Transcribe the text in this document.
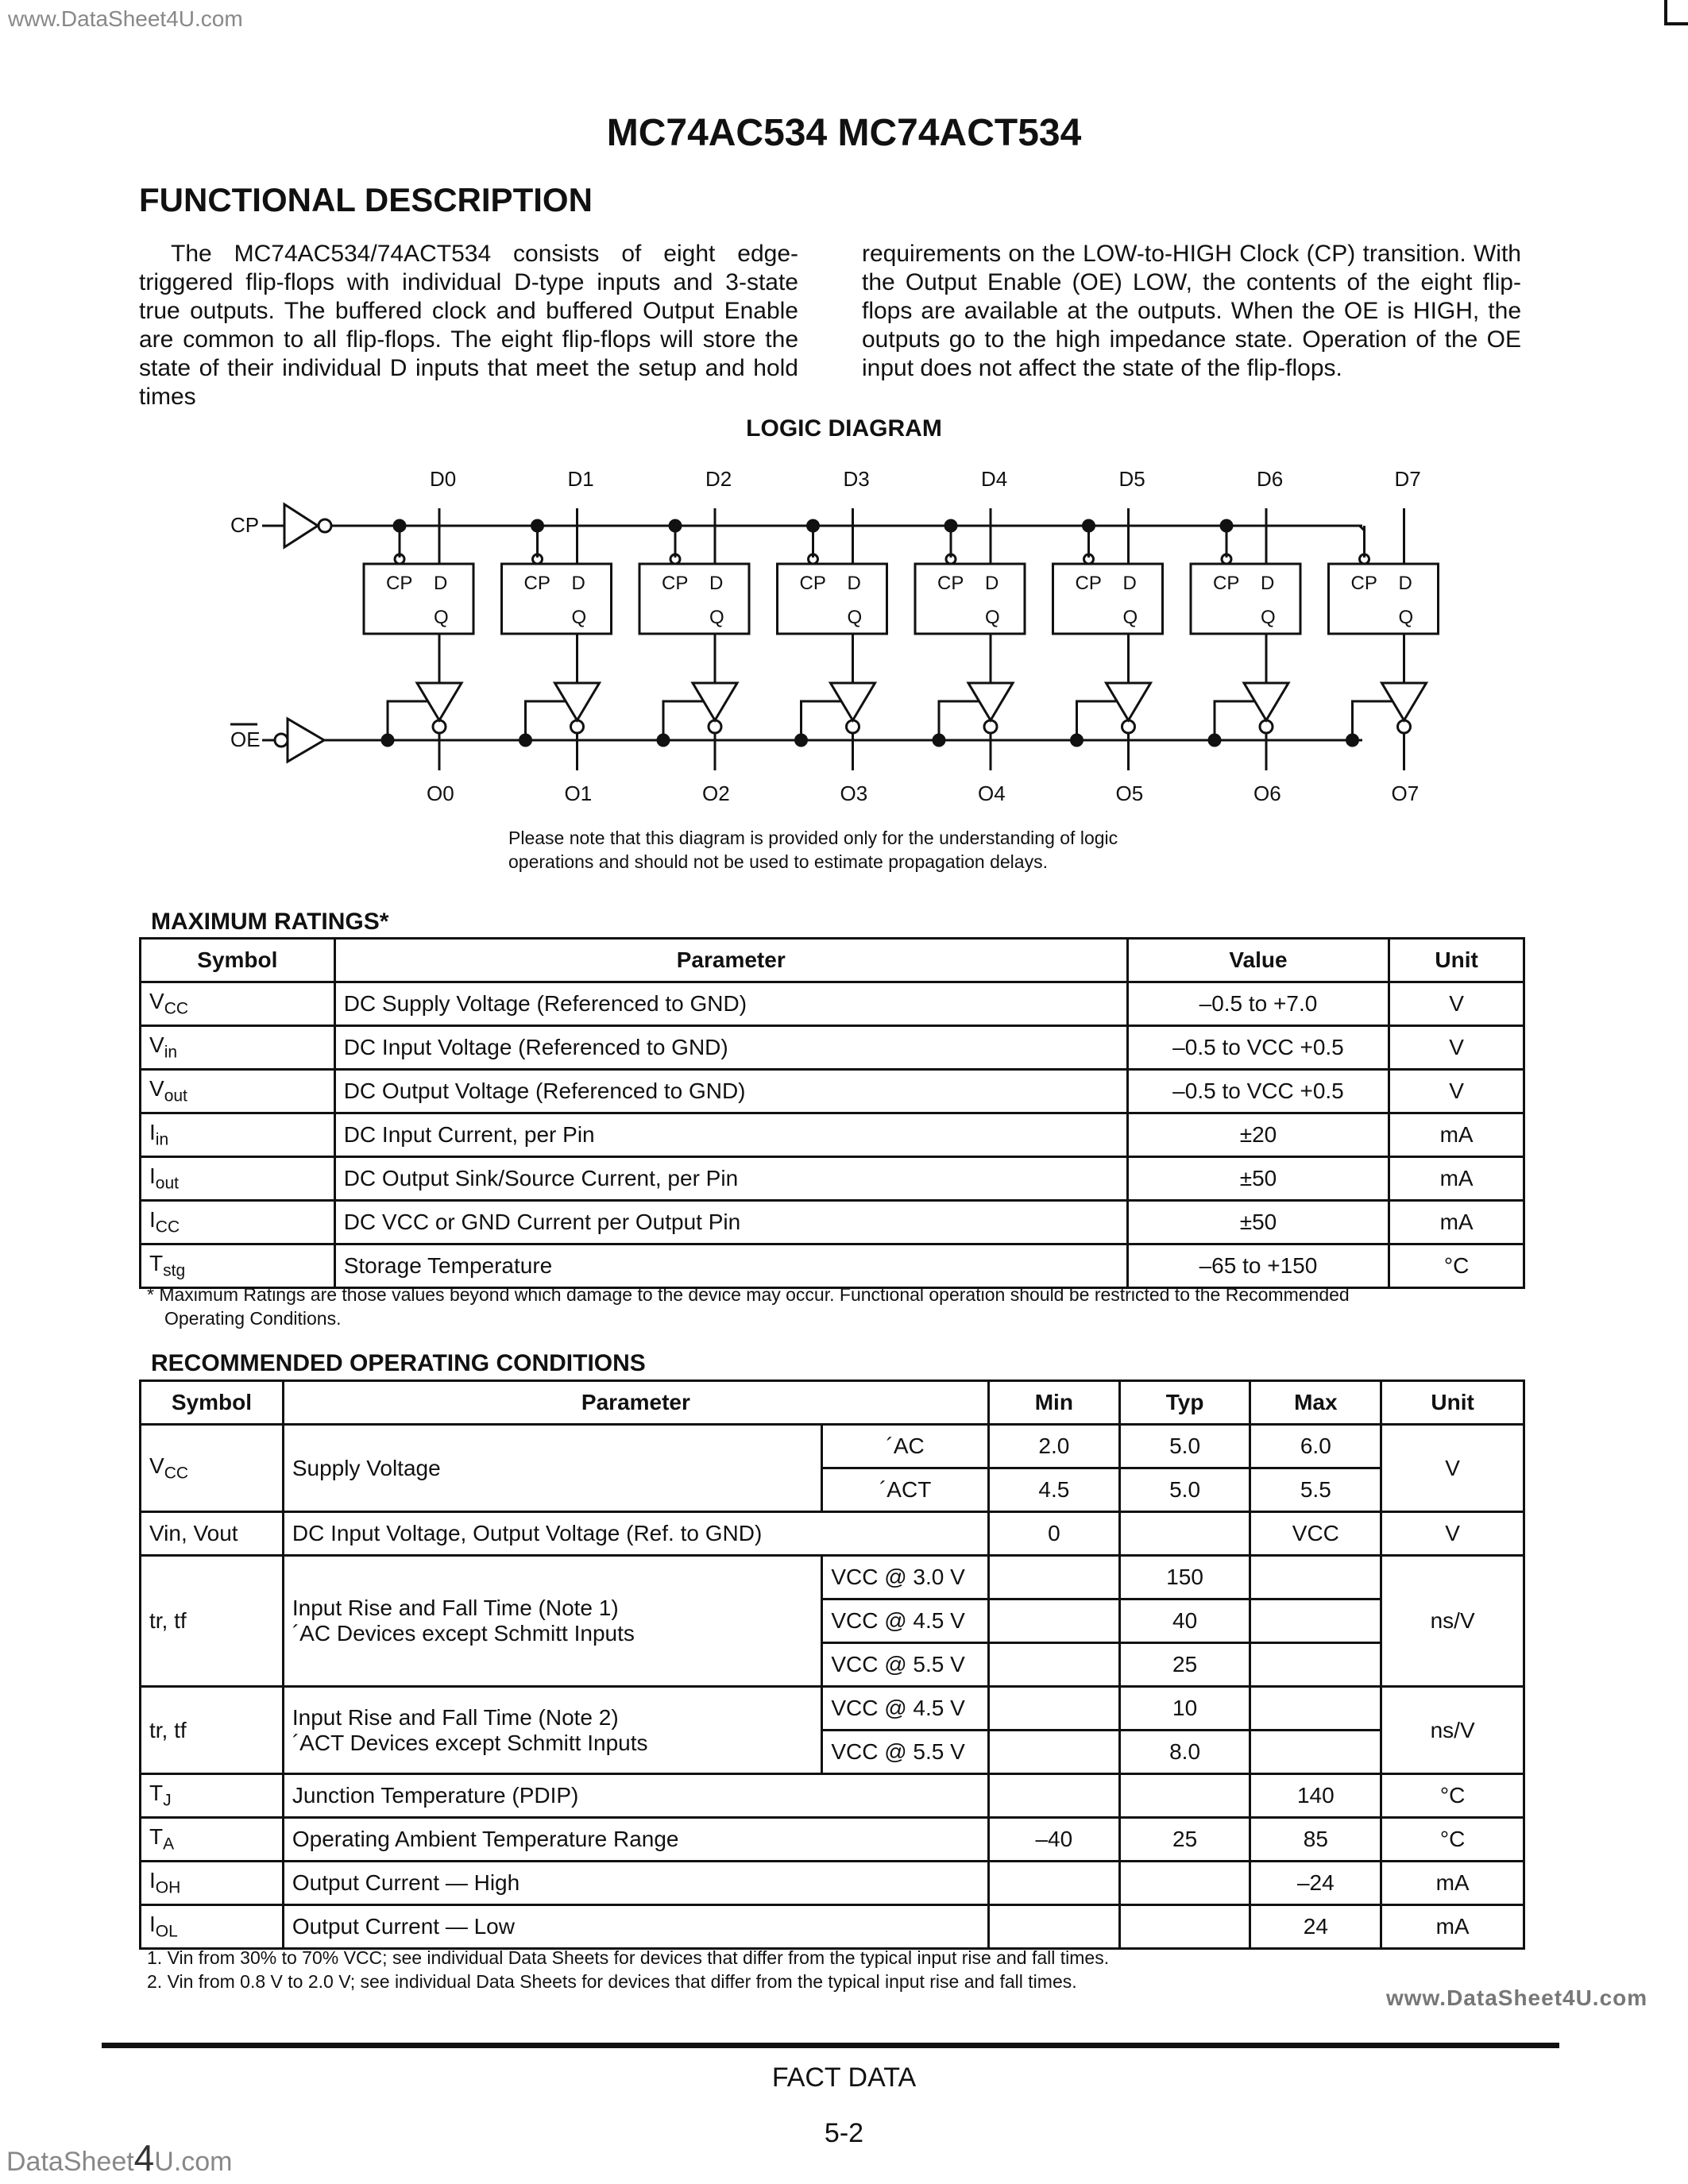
www.DataSheet4U.com
MC74AC534 MC74ACT534
FUNCTIONAL DESCRIPTION
The MC74AC534/74ACT534 consists of eight edge-triggered flip-flops with individual D-type inputs and 3-state true outputs. The buffered clock and buffered Output Enable are common to all flip-flops. The eight flip-flops will store the state of their individual D inputs that meet the setup and hold times
requirements on the LOW-to-HIGH Clock (CP) transition. With the Output Enable (OE) LOW, the contents of the eight flip-flops are available at the outputs. When the OE is HIGH, the outputs go to the high impedance state. Operation of the OE input does not affect the state of the flip-flops.
LOGIC DIAGRAM
CP
OE
CP D
Q
D0
O0
CP D
Q
D1
O1
CP D
Q
D2
O2
CP D
Q
D3
O3
CP D
Q
D4
O4
CP D
Q
D5
O5
CP D
Q
D6
O6
CP D
Q
D7
O7
Please note that this diagram is provided only for the understanding of logic
operations and should not be used to estimate propagation delays.
MAXIMUM RATINGS*
Symbol	Parameter	Value	Unit
$V_{CC}$	DC Supply Voltage (Referenced to GND)	–0.5 to +7.0	V
$V_{in}$	DC Input Voltage (Referenced to GND)	–0.5 to VCC +0.5	V
$V_{out}$	DC Output Voltage (Referenced to GND)	–0.5 to VCC +0.5	V
$I_{in}$	DC Input Current, per Pin	±20	mA
$I_{out}$	DC Output Sink/Source Current, per Pin	±50	mA
$I_{CC}$	DC VCC or GND Current per Output Pin	±50	mA
$T_{stg}$	Storage Temperature	–65 to +150	°C
* Maximum Ratings are those values beyond which damage to the device may occur. Functional operation should be restricted to the Recommended
Operating Conditions.
RECOMMENDED OPERATING CONDITIONS
Symbol	Parameter		Min	Typ	Max	Unit
$V_{CC}$	Supply Voltage	´AC	2.0	5.0	6.0	V
		´ACT	4.5	5.0	5.5	
Vin, Vout	DC Input Voltage, Output Voltage (Ref. to GND)		0		VCC	V
tr, tf	Input Rise and Fall Time (Note 1)
´AC Devices except Schmitt Inputs	VCC @ 3.0 V		150		ns/V
		VCC @ 4.5 V		40		
		VCC @ 5.5 V		25		
tr, tf	Input Rise and Fall Time (Note 2)
´ACT Devices except Schmitt Inputs	VCC @ 4.5 V		10		ns/V
		VCC @ 5.5 V		8.0		
$T_J$	Junction Temperature (PDIP)				140	°C
$T_A$	Operating Ambient Temperature Range		–40	25	85	°C
$I_{OH}$	Output Current — High				–24	mA
$I_{OL}$	Output Current — Low				24	mA
1. Vin from 30% to 70% VCC; see individual Data Sheets for devices that differ from the typical input rise and fall times.
2. Vin from 0.8 V to 2.0 V; see individual Data Sheets for devices that differ from the typical input rise and fall times.
www.DataSheet4U.com
FACT DATA
5-2
DataSheet4U.com
